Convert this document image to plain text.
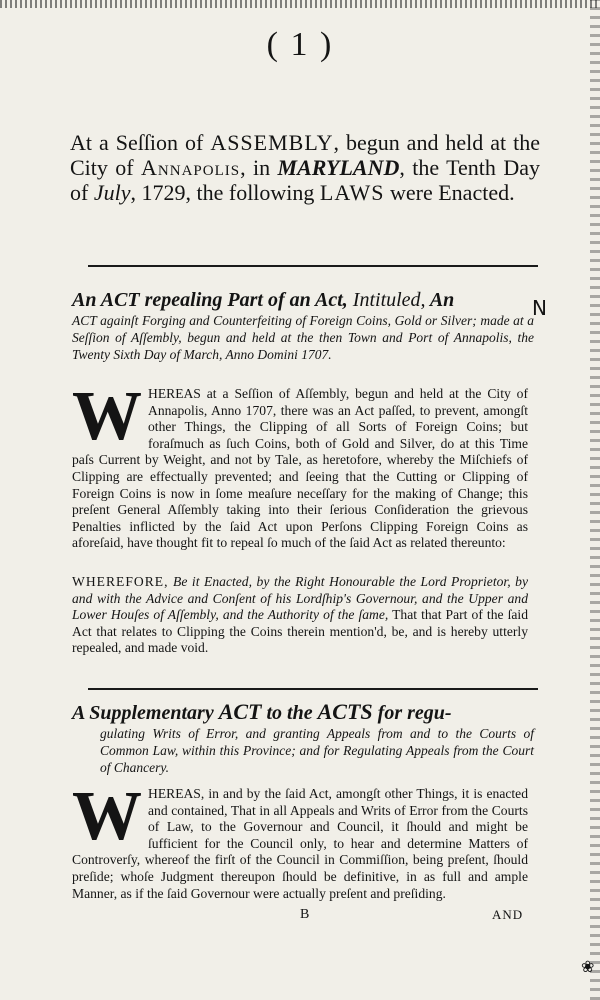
( 1 )
At a Seſſion of ASSEMBLY, begun and held at the City of Annapolis, in MARYLAND, the Tenth Day of July, 1729, the following LAWS were Enacted.
N
An ACT repealing Part of an Act, Intituled, An
ACT againſt Forging and Counterfeiting of Foreign Coins, Gold or Silver; made at a Seſſion of Aſſembly, begun and held at the then Town and Port of Annapolis, the Twenty Sixth Day of March, Anno Domini 1707.
WHEREAS at a Seſſion of Aſſembly, begun and held at the City of Annapolis, Anno 1707, there was an Act paſſed, to prevent, amongſt other Things, the Clipping of all Sorts of Foreign Coins; but foraſmuch as ſuch Coins, both of Gold and Silver, do at this Time paſs Current by Weight, and not by Tale, as heretofore, whereby the Miſchiefs of Clipping are effectually prevented; and ſeeing that the Cutting or Clipping of Foreign Coins is now in ſome meaſure neceſſary for the making of Change; this preſent General Aſſembly taking into their ſerious Conſideration the grievous Penalties inflicted by the ſaid Act upon Perſons Clipping Foreign Coins as aforeſaid, have thought fit to repeal ſo much of the ſaid Act as related thereunto:
WHEREFORE, Be it Enacted, by the Right Honourable the Lord Proprietor, by and with the Advice and Conſent of his Lordſhip's Governour, and the Upper and Lower Houſes of Aſſembly, and the Authority of the ſame, That that Part of the ſaid Act that relates to Clipping the Coins therein mention'd, be, and is hereby utterly repealed, and made void.
A Supplementary ACT to the ACTS for regu-
gulating Writs of Error, and granting Appeals from and to the Courts of Common Law, within this Province; and for Regulating Appeals from the Court of Chancery.
WHEREAS, in and by the ſaid Act, amongſt other Things, it is enacted and contained, That in all Appeals and Writs of Error from the Courts of Law, to the Governour and Council, it ſhould and might be ſufficient for the Council only, to hear and determine Matters of Controverſy, whereof the firſt of the Council in Commiſſion, being preſent, ſhould preſide; whoſe Judgment thereupon ſhould be definitive, in as full and ample Manner, as if the ſaid Governour were actually preſent and preſiding.
B	AND
❀
